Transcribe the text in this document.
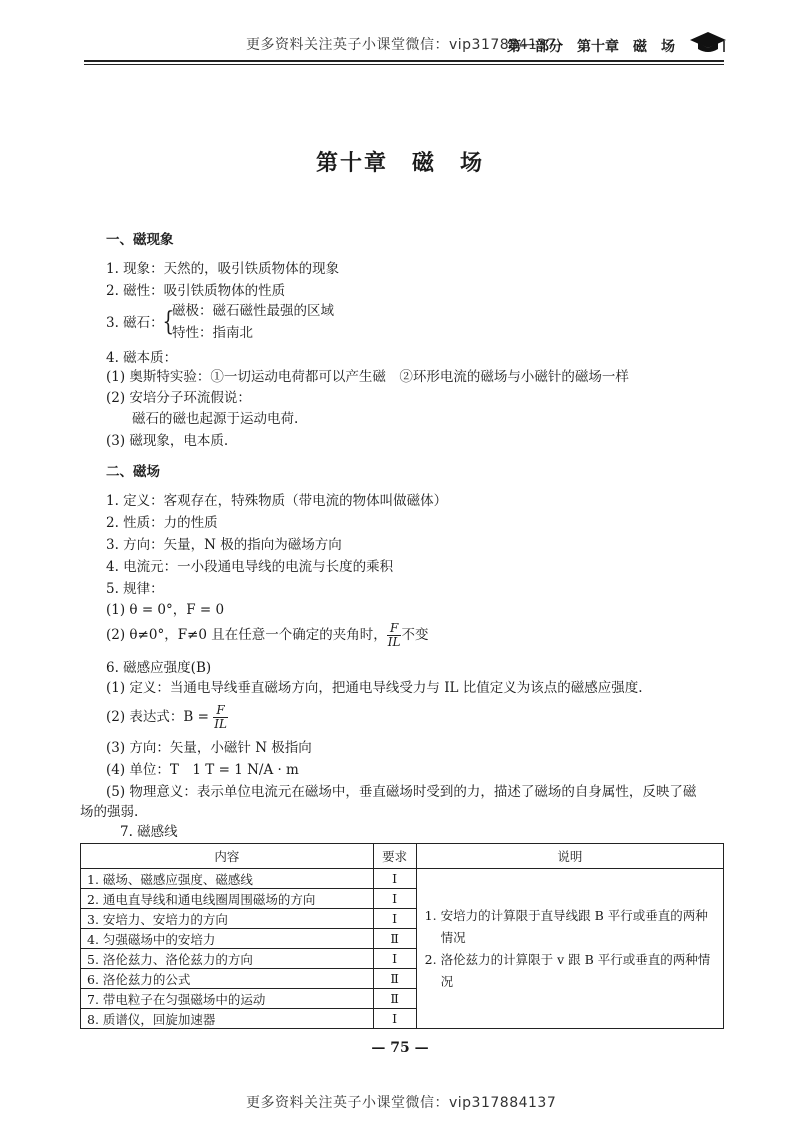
更多资料关注英子小课堂微信：vip317884137
第一部分　第十章　磁　场
第十章　磁　场
一、磁现象
1. 现象：天然的，吸引铁质物体的现象
2. 磁性：吸引铁质物体的性质
3. 磁石：
{
磁极：磁石磁性最强的区域
特性：指南北
4. 磁本质：
(1) 奥斯特实验：①一切运动电荷都可以产生磁　②环形电流的磁场与小磁针的磁场一样
(2) 安培分子环流假说：
磁石的磁也起源于运动电荷.
(3) 磁现象，电本质.
二、磁场
1. 定义：客观存在，特殊物质（带电流的物体叫做磁体）
2. 性质：力的性质
3. 方向：矢量，N 极的指向为磁场方向
4. 电流元：一小段通电导线的电流与长度的乘积
5. 规律：
(1) θ = 0°，F = 0
(2) θ≠0°，F≠0 且在任意一个确定的夹角时， $\frac{F}{IL}$ 不变
6. 磁感应强度(B)
(1) 定义：当通电导线垂直磁场方向，把通电导线受力与 IL 比值定义为该点的磁感应强度.
(2) 表达式：$B = \frac{F}{IL}$
(3) 方向：矢量，小磁针 N 极指向
(4) 单位：T　1 T = 1 N/A · m
(5) 物理意义：表示单位电流元在磁场中，垂直磁场时受到的力，描述了磁场的自身属性，反映了磁
场的强弱.
7. 磁感线
内容	要求	说明
1. 磁场、磁感应强度、磁感线	Ⅰ	1. 安培力的计算限于直导线跟 B 平行或垂直的两种情况
2. 洛伦兹力的计算限于 v 跟 B 平行或垂直的两种情况

2. 通电直导线和通电线圈周围磁场的方向	Ⅰ	
3. 安培力、安培力的方向	Ⅰ	
4. 匀强磁场中的安培力	Ⅱ	
5. 洛伦兹力、洛伦兹力的方向	Ⅰ	
6. 洛伦兹力的公式	Ⅱ	
7. 带电粒子在匀强磁场中的运动	Ⅱ	
8. 质谱仪，回旋加速器	Ⅰ	
— 75 —
更多资料关注英子小课堂微信：vip317884137
